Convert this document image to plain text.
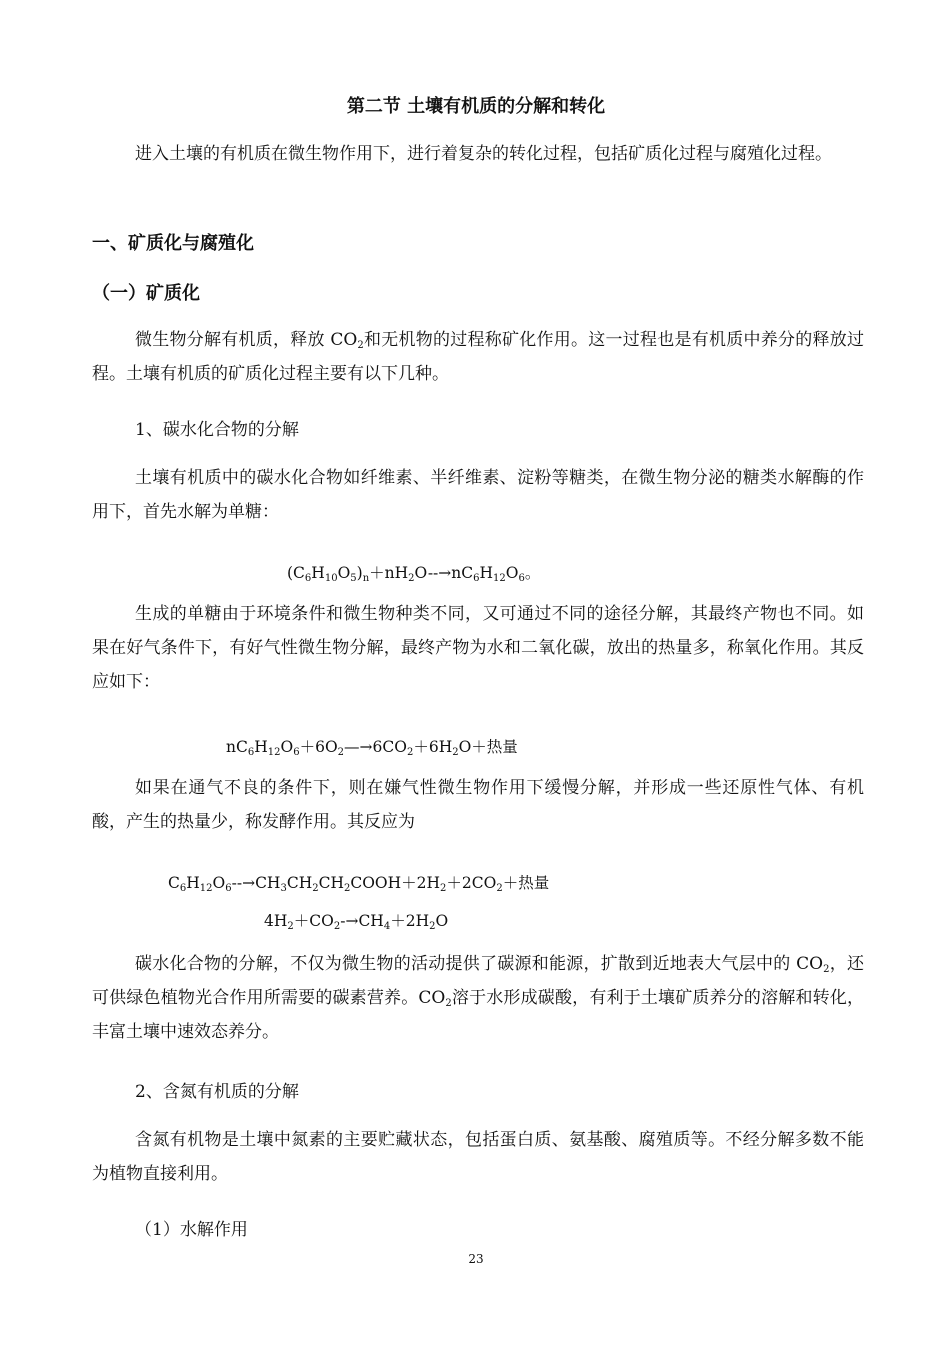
第二节 土壤有机质的分解和转化

进入土壤的有机质在微生物作用下，进行着复杂的转化过程，包括矿质化过程与腐殖化过程。

一、矿质化与腐殖化
（一）矿质化

微生物分解有机质，释放 $CO_2$和无机物的过程称矿化作用。这一过程也是有机质中养分的释放过程。土壤有机质的矿质化过程主要有以下几种。

1、碳水化合物的分解

土壤有机质中的碳水化合物如纤维素、半纤维素、淀粉等糖类，在微生物分泌的糖类水解酶的作用下，首先水解为单糖：

$(C_6H_{10}O_5)_n+nH_2O--\to nC_6H_{12}O_6$。

生成的单糖由于环境条件和微生物种类不同，又可通过不同的途径分解，其最终产物也不同。如果在好气条件下，有好气性微生物分解，最终产物为水和二氧化碳，放出的热量多，称氧化作用。其反应如下：

$nC_6H_{12}O_6+6O_2—\to 6CO_2+6H_2O+$热量

如果在通气不良的条件下，则在嫌气性微生物作用下缓慢分解，并形成一些还原性气体、有机酸，产生的热量少，称发酵作用。其反应为

$C_6H_{12}O_6--\to CH_3CH_2CH_2COOH+2H_2+2CO_2+$热量
$4H_2+CO_2-\to CH_4+2H_2O$

碳水化合物的分解，不仅为微生物的活动提供了碳源和能源，扩散到近地表大气层中的 $CO_2$，还可供绿色植物光合作用所需要的碳素营养。$CO_2$溶于水形成碳酸，有利于土壤矿质养分的溶解和转化，丰富土壤中速效态养分。

2、含氮有机质的分解

含氮有机物是土壤中氮素的主要贮藏状态，包括蛋白质、氨基酸、腐殖质等。不经分解多数不能为植物直接利用。

（1）水解作用
23
